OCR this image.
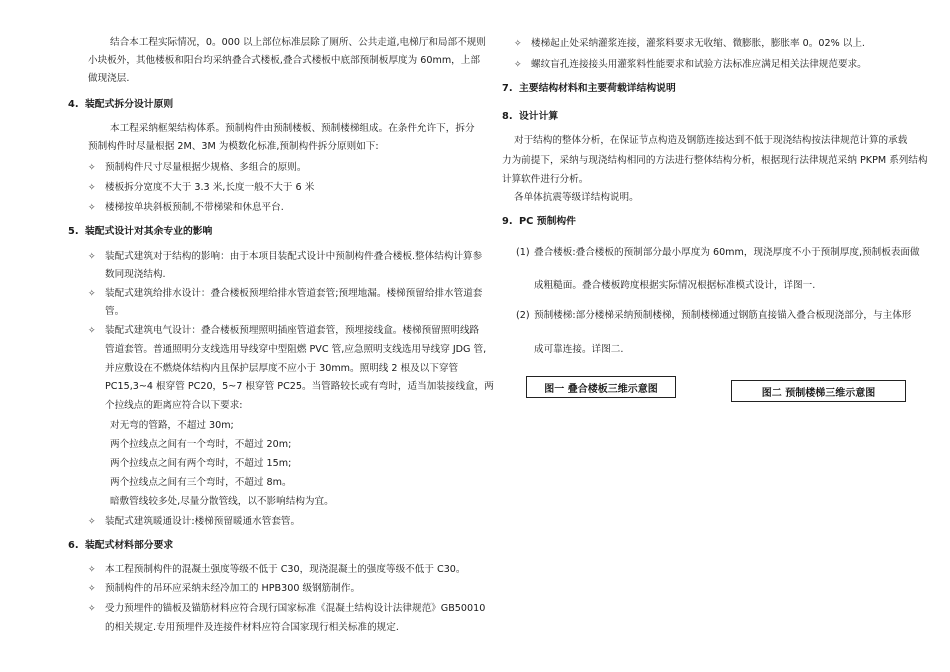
结合本工程实际情况，0。000 以上部位标准层除了厕所、公共走道,电梯厅和局部不规则
小块板外，其他楼板和阳台均采纳叠合式楼板,叠合式楼板中底部预制板厚度为 60mm，上部
做现浇层.
4. 装配式拆分设计原则
本工程采纳框架结构体系。预制构件由预制楼板、预制楼梯组成。在条件允许下，拆分
预制构件时尽量根据 2M、3M 为模数化标准,预制构件拆分原则如下:
✧ 预制构件尺寸尽量根据少规格、多组合的原则。
✧ 楼板拆分宽度不大于 3.3 米,长度一般不大于 6 米
✧ 楼梯按单块斜板预制,不带梯梁和休息平台.
5. 装配式设计对其余专业的影响
✧ 装配式建筑对于结构的影响：由于本项目装配式设计中预制构件叠合楼板.整体结构计算参
数同现浇结构.
✧ 装配式建筑给排水设计：叠合楼板预埋给排水管道套管;预埋地漏。楼梯预留给排水管道套
管。
✧ 装配式建筑电气设计：叠合楼板预埋照明插座管道套管，预埋接线盒。楼梯预留照明线路
管道套管。普通照明分支线选用导线穿中型阻燃 PVC 管,应急照明支线选用导线穿 JDG 管,
并应敷设在不燃烧体结构内且保护层厚度不应小于 30mm。照明线 2 根及以下穿管
PC15,3~4 根穿管 PC20，5~7 根穿管 PC25。当管路较长或有弯时，适当加装接线盒，两
个拉线点的距离应符合以下要求:
对无弯的管路，不超过 30m;
两个拉线点之间有一个弯时，不超过 20m;
两个拉线点之间有两个弯时，不超过 15m;
两个拉线点之间有三个弯时，不超过 8m。
暗敷管线较多处,尽量分散管线，以不影响结构为宜。
✧ 装配式建筑暖通设计:楼梯预留暖通水管套管。
6. 装配式材料部分要求
✧ 本工程预制构件的混凝土强度等级不低于 C30，现浇混凝土的强度等级不低于 C30。
✧ 预制构件的吊环应采纳未经冷加工的 HPB300 级钢筋制作。
✧ 受力预埋件的锚板及锚筋材料应符合现行国家标准《混凝土结构设计法律规范》GB50010
的相关规定.专用预埋件及连接件材料应符合国家现行相关标准的规定.
✧ 楼梯起止处采纳灌浆连接，灌浆料要求无收缩、微膨胀，膨胀率 0。02% 以上.
✧ 螺纹盲孔连接接头用灌浆料性能要求和试验方法标准应满足相关法律规范要求。
7. 主要结构材料和主要荷载详结构说明
8. 设计计算
对于结构的整体分析，在保证节点构造及钢筋连接达到不低于现浇结构按法律规范计算的承载
力为前提下，采纳与现浇结构相同的方法进行整体结构分析，根据现行法律规范采纳 PKPM 系列结构
计算软件进行分析。
各单体抗震等级详结构说明。
9. PC 预制构件
(1) 叠合楼板:叠合楼板的预制部分最小厚度为 60mm，现浇厚度不小于预制厚度,预制板表面做
成粗糙面。叠合楼板跨度根据实际情况根据标准模式设计，详图一.
(2) 预制楼梯:部分楼梯采纳预制楼梯，预制楼梯通过钢筋直接锚入叠合板现浇部分，与主体形
成可靠连接。详图二.
图一 叠合楼板三维示意图	图二 预制楼梯三维示意图
